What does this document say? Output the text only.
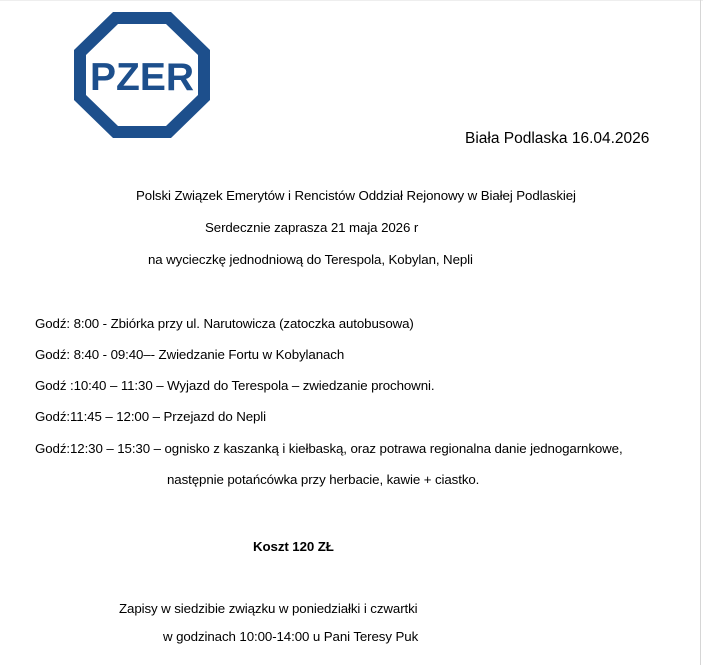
PZER
Biała Podlaska 16.04.2026
Polski Związek Emerytów i Rencistów Oddział Rejonowy w Białej Podlaskiej
Serdecznie zaprasza 21 maja 2026 r
na wycieczkę jednodniową do Terespola, Kobylan, Nepli
Godź: 8:00 - Zbiórka przy ul. Narutowicza (zatoczka autobusowa)
Godź: 8:40 - 09:40–- Zwiedzanie Fortu w Kobylanach
Godź :10:40 – 11:30 – Wyjazd do Terespola – zwiedzanie prochowni.
Godź:11:45 – 12:00 – Przejazd do Nepli
Godź:12:30 – 15:30 – ognisko z kaszanką i kiełbaską, oraz potrawa regionalna danie jednogarnkowe,
następnie potańcówka przy herbacie, kawie + ciastko.
Koszt 120 ZŁ
Zapisy w siedzibie związku w poniedziałki i czwartki
w godzinach 10:00-14:00 u Pani Teresy Puk
